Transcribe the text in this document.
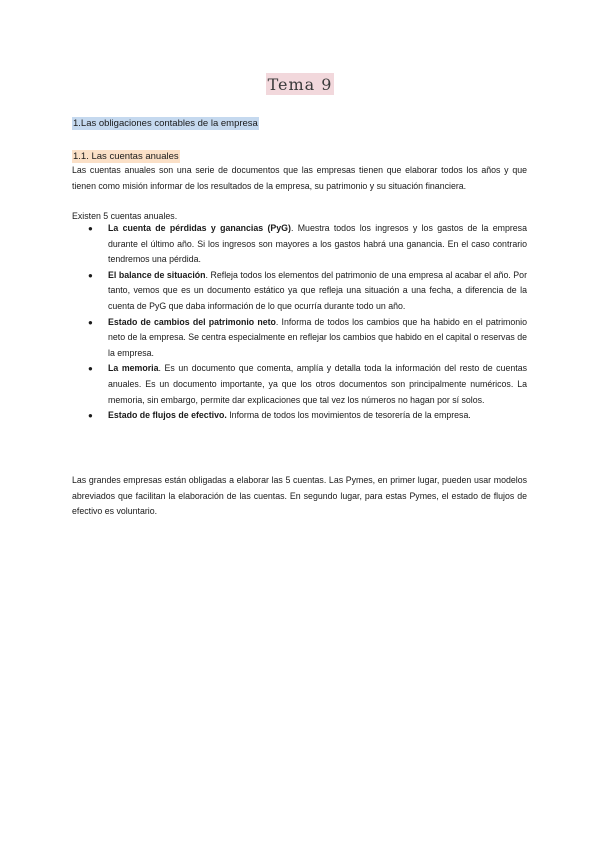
Tema 9
1.Las obligaciones contables de la empresa
1.1. Las cuentas anuales
Las cuentas anuales son una serie de documentos que las empresas tienen que elaborar todos los años y que tienen como misión informar de los resultados de la empresa, su patrimonio y su situación financiera.
Existen 5 cuentas anuales.
● La cuenta de pérdidas y ganancias (PyG). Muestra todos los ingresos y los gastos de la empresa durante el último año. Si los ingresos son mayores a los gastos habrá una ganancia. En el caso contrario tendremos una pérdida.
● El balance de situación. Refleja todos los elementos del patrimonio de una empresa al acabar el año. Por tanto, vemos que es un documento estático ya que refleja una situación a una fecha, a diferencia de la cuenta de PyG que daba información de lo que ocurría durante todo un año.
● Estado de cambios del patrimonio neto. Informa de todos los cambios que ha habido en el patrimonio neto de la empresa. Se centra especialmente en reflejar los cambios que habido en el capital o reservas de la empresa.
● La memoria. Es un documento que comenta, amplía y detalla toda la información del resto de cuentas anuales. Es un documento importante, ya que los otros documentos son principalmente numéricos. La memoria, sin embargo, permite dar explicaciones que tal vez los números no hagan por sí solos.
● Estado de flujos de efectivo. Informa de todos los movimientos de tesorería de la empresa.
Las grandes empresas están obligadas a elaborar las 5 cuentas. Las Pymes, en primer lugar, pueden usar modelos abreviados que facilitan la elaboración de las cuentas. En segundo lugar, para estas Pymes, el estado de flujos de efectivo es voluntario.
